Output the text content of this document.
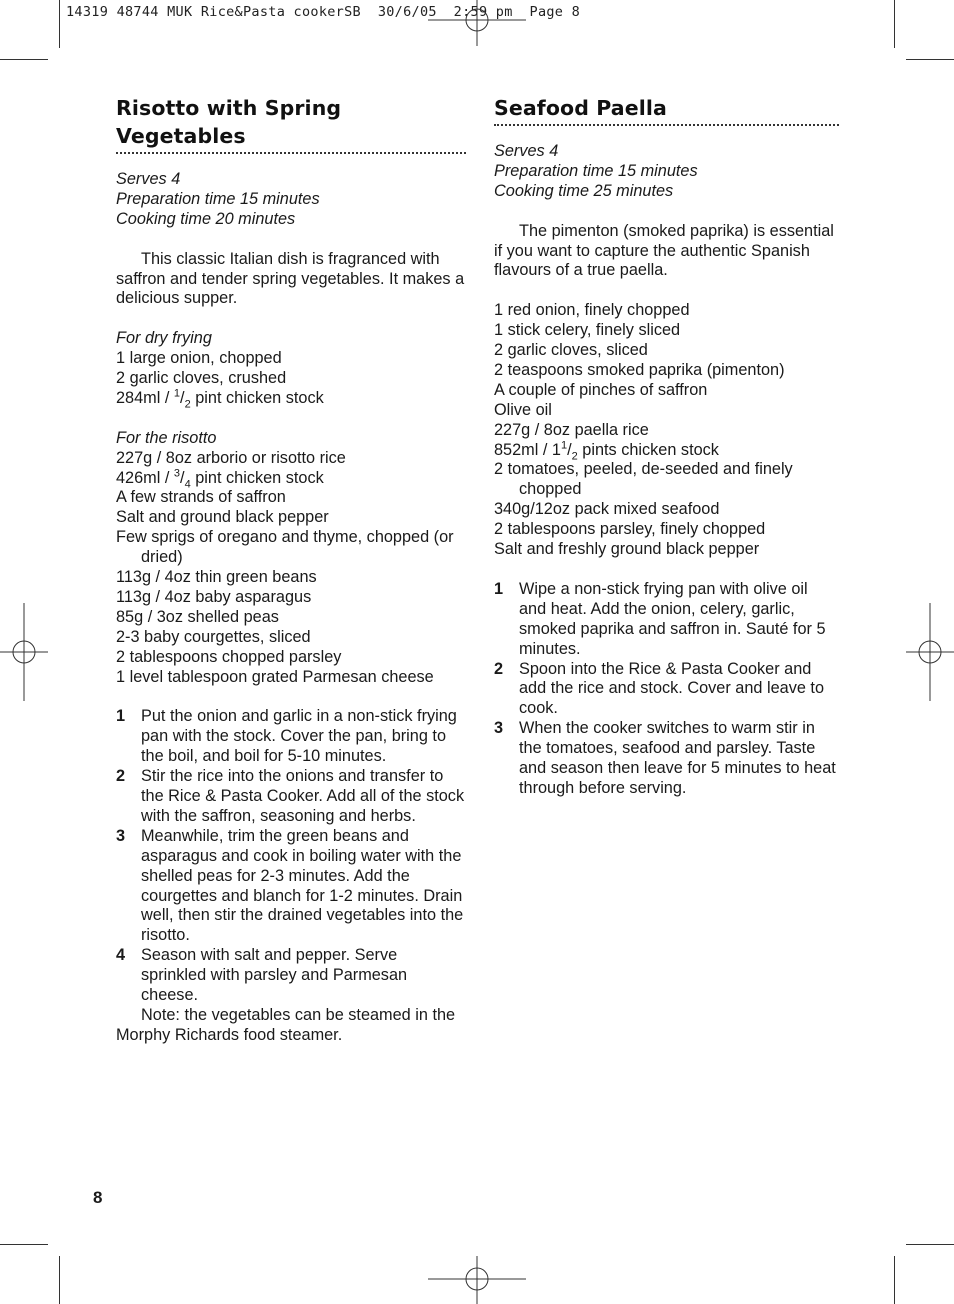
14319 48744 MUK Rice&Pasta cookerSB  30/6/05  2:59 pm  Page 8
Risotto with Spring Vegetables
Serves 4
Preparation time 15 minutes
Cooking time 20 minutes
This classic Italian dish is fragranced with saffron and tender spring vegetables. It makes a delicious supper.
For dry frying
1 large onion, chopped
2 garlic cloves, crushed
$284ml / ^1/_2$ pint chicken stock
For the risotto
227g / 8oz arborio or risotto rice
$426ml / ^3/_4$ pint chicken stock
A few strands of saffron
Salt and ground black pepper
Few sprigs of oregano and thyme, chopped (or dried)
113g / 4oz thin green beans
113g / 4oz baby asparagus
85g / 3oz shelled peas
2-3 baby courgettes, sliced
2 tablespoons chopped parsley
1 level tablespoon grated Parmesan cheese
1 Put the onion and garlic in a non-stick frying pan with the stock. Cover the pan, bring to the boil, and boil for 5-10 minutes.
2 Stir the rice into the onions and transfer to the Rice & Pasta Cooker. Add all of the stock with the saffron, seasoning and herbs.
3 Meanwhile, trim the green beans and asparagus and cook in boiling water with the shelled peas for 2-3 minutes. Add the courgettes and blanch for 1-2 minutes. Drain well, then stir the drained vegetables into the risotto.
4 Season with salt and pepper. Serve sprinkled with parsley and Parmesan cheese.
Note: the vegetables can be steamed in the Morphy Richards food steamer.
Seafood Paella
Serves 4
Preparation time 15 minutes
Cooking time 25 minutes
The pimenton (smoked paprika) is essential if you want to capture the authentic Spanish flavours of a true paella.
1 red onion, finely chopped
1 stick celery, finely sliced
2 garlic cloves, sliced
2 teaspoons smoked paprika (pimenton)
A couple of pinches of saffron
Olive oil
227g / 8oz paella rice
$852ml / 1^1/_2$ pints chicken stock
2 tomatoes, peeled, de-seeded and finely chopped
340g/12oz pack mixed seafood
2 tablespoons parsley, finely chopped
Salt and freshly ground black pepper
1 Wipe a non-stick frying pan with olive oil and heat. Add the onion, celery, garlic, smoked paprika and saffron in. Sauté for 5 minutes.
2 Spoon into the Rice & Pasta Cooker and add the rice and stock. Cover and leave to cook.
3 When the cooker switches to warm stir in the tomatoes, seafood and parsley. Taste and season then leave for 5 minutes to heat through before serving.
8
